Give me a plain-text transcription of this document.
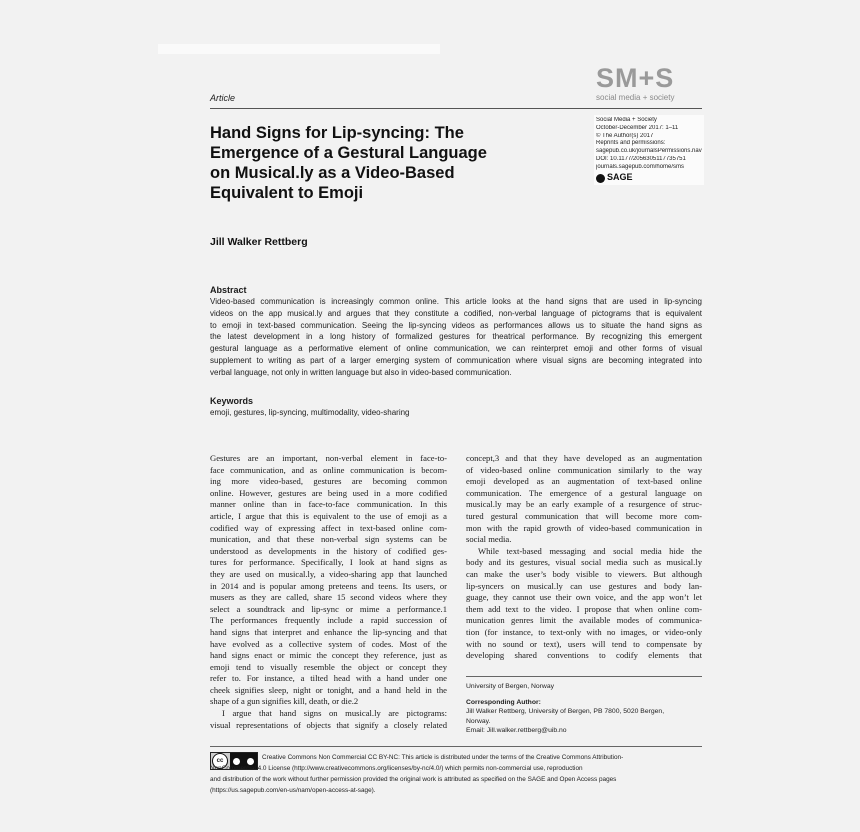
Article
SM+S
social media + society
Social Media + Society
October-December 2017: 1–11
© The Author(s) 2017
Reprints and permissions:
sagepub.co.uk/journalsPermissions.nav
DOI: 10.1177/2056305117735751
journals.sagepub.com/home/sms
SAGE
Hand Signs for Lip-syncing: The
Emergence of a Gestural Language
on Musical.ly as a Video-Based
Equivalent to Emoji
Jill Walker Rettberg
Abstract
Video-based communication is increasingly common online. This article looks at the hand signs that are used in lip-syncing
videos on the app musical.ly and argues that they constitute a codified, non-verbal language of pictograms that is equivalent
to emoji in text-based communication. Seeing the lip-syncing videos as performances allows us to situate the hand signs as
the latest development in a long history of formalized gestures for theatrical performance. By recognizing this emergent
gestural language as a performative element of online communication, we can reinterpret emoji and other forms of visual
supplement to writing as part of a larger emerging system of communication where visual signs are becoming integrated into
verbal language, not only in written language but also in video-based communication.
Keywords
emoji, gestures, lip-syncing, multimodality, video-sharing
Gestures are an important, non-verbal element in face-to-
face communication, and as online communication is becom-
ing more video-based, gestures are becoming common
online. However, gestures are being used in a more codified
manner online than in face-to-face communication. In this
article, I argue that this is equivalent to the use of emoji as a
codified way of expressing affect in text-based online com-
munication, and that these non-verbal sign systems can be
understood as developments in the history of codified ges-
tures for performance. Specifically, I look at hand signs as
they are used on musical.ly, a video-sharing app that launched
in 2014 and is popular among preteens and teens. Its users, or
musers as they are called, share 15 second videos where they
select a soundtrack and lip-sync or mime a performance.1
The performances frequently include a rapid succession of
hand signs that interpret and enhance the lip-syncing and that
have evolved as a collective system of codes. Most of the
hand signs enact or mimic the concept they reference, just as
emoji tend to visually resemble the object or concept they
refer to. For instance, a tilted head with a hand under one
cheek signifies sleep, night or tonight, and a hand held in the
shape of a gun signifies kill, death, or die.2
I argue that hand signs on musical.ly are pictograms:
visual representations of objects that signify a closely related
concept,3 and that they have developed as an augmentation
of video-based online communication similarly to the way
emoji developed as an augmentation of text-based online
communication. The emergence of a gestural language on
musical.ly may be an early example of a resurgence of struc-
tured gestural communication that will become more com-
mon with the rapid growth of video-based communication in
social media.
While text-based messaging and social media hide the
body and its gestures, visual social media such as musical.ly
can make the user’s body visible to viewers. But although
lip-syncers on musical.ly can use gestures and body lan-
guage, they cannot use their own voice, and the app won’t let
them add text to the video. I propose that when online com-
munication genres limit the available modes of communica-
tion (for instance, to text-only with no images, or video-only
with no sound or text), users will tend to compensate by
developing shared conventions to codify elements that
University of Bergen, Norway
Corresponding Author:
Jill Walker Rettberg, University of Bergen, PB 7800, 5020 Bergen,
Norway.
Email: Jill.walker.rettberg@uib.no
cc	Creative Commons Non Commercial CC BY-NC: This article is distributed under the terms of the Creative Commons Attribution-
NonCommercial 4.0 License (http://www.creativecommons.org/licenses/by-nc/4.0/) which permits non-commercial use, reproduction
and distribution of the work without further permission provided the original work is attributed as specified on the SAGE and Open Access pages
(https://us.sagepub.com/en-us/nam/open-access-at-sage).
